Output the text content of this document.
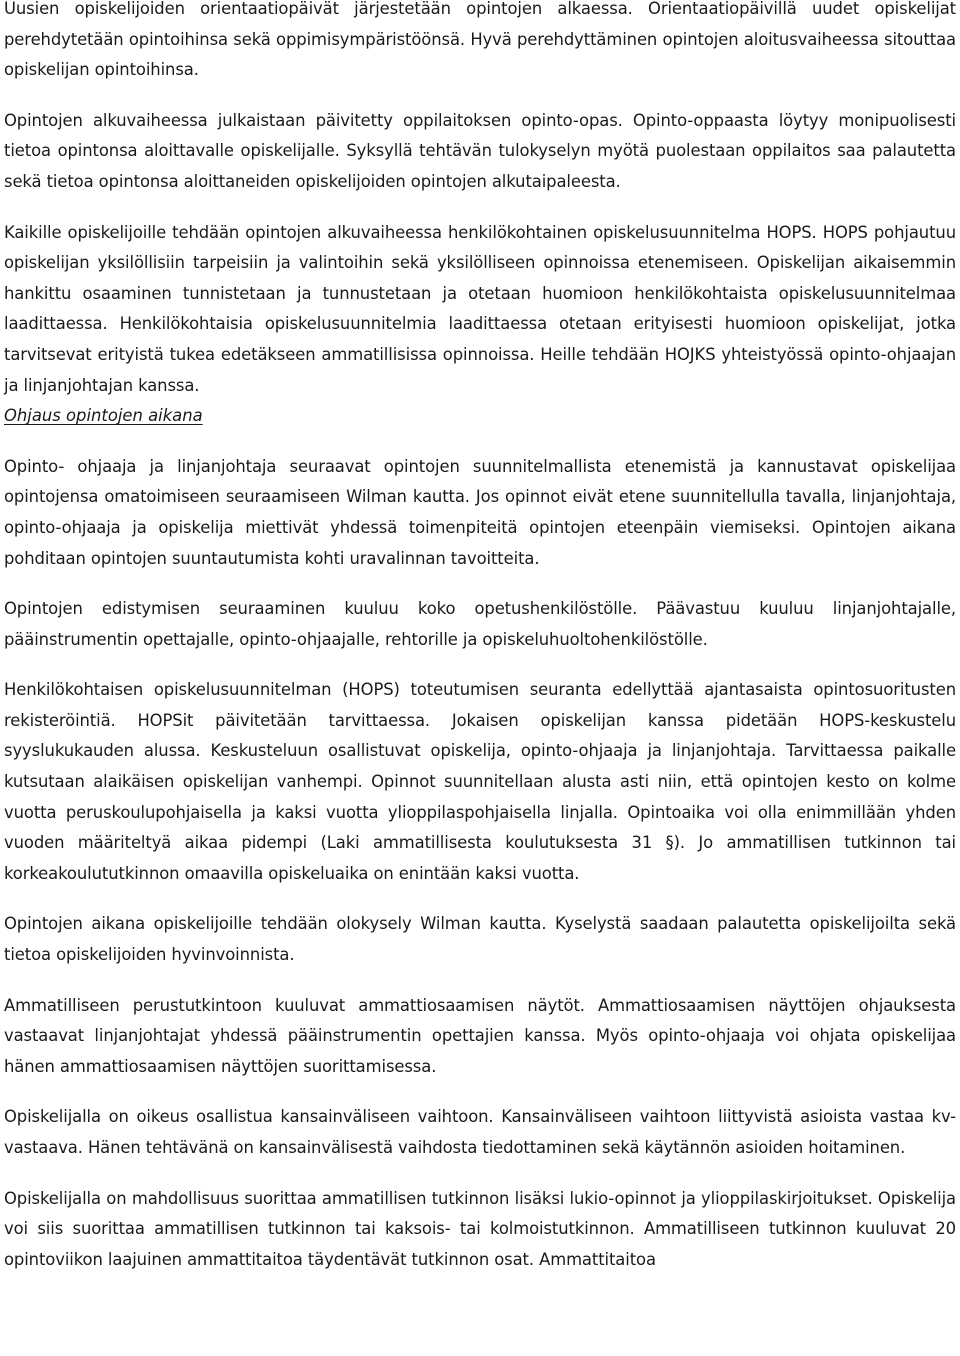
Uusien opiskelijoiden orientaatiopäivät järjestetään opintojen alkaessa. Orientaatiopäivillä uudet opiskelijat perehdytetään opintoihinsa sekä oppimisympäristöönsä. Hyvä perehdyttäminen opintojen aloitusvaiheessa sitouttaa opiskelijan opintoihinsa.

Opintojen alkuvaiheessa julkaistaan päivitetty oppilaitoksen opinto-opas. Opinto-oppaasta löytyy monipuolisesti tietoa opintonsa aloittavalle opiskelijalle. Syksyllä tehtävän tulokyselyn myötä puolestaan oppilaitos saa palautetta sekä tietoa opintonsa aloittaneiden opiskelijoiden opintojen alkutaipaleesta.

Kaikille opiskelijoille tehdään opintojen alkuvaiheessa henkilökohtainen opiskelusuunnitelma HOPS. HOPS pohjautuu opiskelijan yksilöllisiin tarpeisiin ja valintoihin sekä yksilölliseen opinnoissa etenemiseen. Opiskelijan aikaisemmin hankittu osaaminen tunnistetaan ja tunnustetaan ja otetaan huomioon henkilökohtaista opiskelusuunnitelmaa laadittaessa. Henkilökohtaisia opiskelusuunnitelmia laadittaessa otetaan erityisesti huomioon opiskelijat, jotka tarvitsevat erityistä tukea edetäkseen ammatillisissa opinnoissa. Heille tehdään HOJKS yhteistyössä opinto-ohjaajan ja linjanjohtajan kanssa.

Ohjaus opintojen aikana

Opinto- ohjaaja ja linjanjohtaja seuraavat opintojen suunnitelmallista etenemistä ja kannustavat opiskelijaa opintojensa omatoimiseen seuraamiseen Wilman kautta. Jos opinnot eivät etene suunnitellulla tavalla, linjanjohtaja, opinto-ohjaaja ja opiskelija miettivät yhdessä toimenpiteitä opintojen eteenpäin viemiseksi. Opintojen aikana pohditaan opintojen suuntautumista kohti uravalinnan tavoitteita.

Opintojen edistymisen seuraaminen kuuluu koko opetushenkilöstölle. Päävastuu kuuluu linjanjohtajalle, pääinstrumentin opettajalle, opinto-ohjaajalle, rehtorille ja opiskeluhuoltohenkilöstölle.

Henkilökohtaisen opiskelusuunnitelman (HOPS) toteutumisen seuranta edellyttää ajantasaista opintosuoritusten rekisteröintiä. HOPSit päivitetään tarvittaessa. Jokaisen opiskelijan kanssa pidetään HOPS-keskustelu syyslukukauden alussa. Keskusteluun osallistuvat opiskelija, opinto-ohjaaja ja linjanjohtaja. Tarvittaessa paikalle kutsutaan alaikäisen opiskelijan vanhempi. Opinnot suunnitellaan alusta asti niin, että opintojen kesto on kolme vuotta peruskoulupohjaisella ja kaksi vuotta ylioppilaspohjaisella linjalla. Opintoaika voi olla enimmillään yhden vuoden määriteltyä aikaa pidempi (Laki ammatillisesta koulutuksesta 31 §). Jo ammatillisen tutkinnon tai korkeakoulututkinnon omaavilla opiskeluaika on enintään kaksi vuotta.

Opintojen aikana opiskelijoille tehdään olokysely Wilman kautta. Kyselystä saadaan palautetta opiskelijoilta sekä tietoa opiskelijoiden hyvinvoinnista.

Ammatilliseen perustutkintoon kuuluvat ammattiosaamisen näytöt. Ammattiosaamisen näyttöjen ohjauksesta vastaavat linjanjohtajat yhdessä pääinstrumentin opettajien kanssa. Myös opinto-ohjaaja voi ohjata opiskelijaa hänen ammattiosaamisen näyttöjen suorittamisessa.

Opiskelijalla on oikeus osallistua kansainväliseen vaihtoon. Kansainväliseen vaihtoon liittyvistä asioista vastaa kv-vastaava. Hänen tehtävänä on kansainvälisestä vaihdosta tiedottaminen sekä käytännön asioiden hoitaminen.

Opiskelijalla on mahdollisuus suorittaa ammatillisen tutkinnon lisäksi lukio-opinnot ja ylioppilaskirjoitukset. Opiskelija voi siis suorittaa ammatillisen tutkinnon tai kaksois- tai kolmoistutkinnon. Ammatilliseen tutkinnon kuuluvat 20 opintoviikon laajuinen ammattitaitoa täydentävät tutkinnon osat. Ammattitaitoa
